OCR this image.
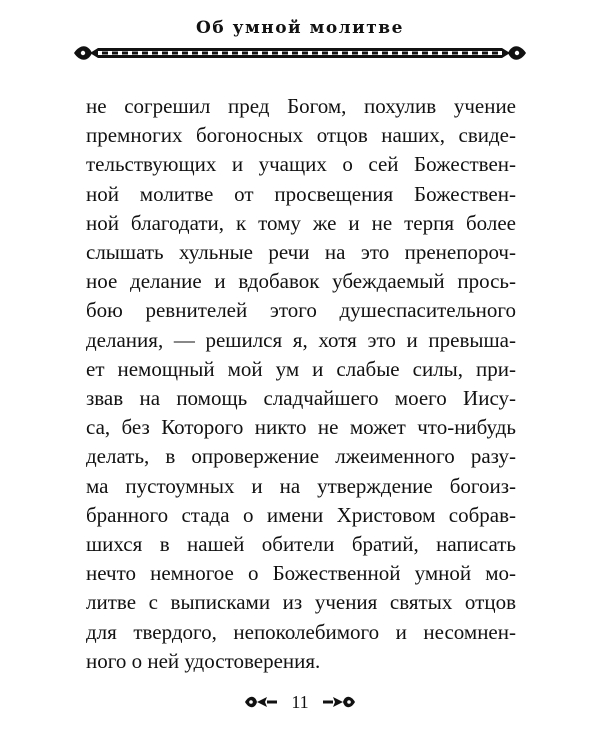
Об умной молитве
не согрешил пред Богом, похулив учение
премногих богоносных отцов наших, свиде-
тельствующих и учащих о сей Божествен-
ной молитве от просвещения Божествен-
ной благодати, к тому же и не терпя более
слышать хульные речи на это пренепороч-
ное делание и вдобавок убеждаемый прось-
бою ревнителей этого душеспасительного
делания, — решился я, хотя это и превыша-
ет немощный мой ум и слабые силы, при-
звав на помощь сладчайшего моего Иису-
са, без Которого никто не может что-нибудь
делать, в опровержение лжеименного разу-
ма пустоумных и на утверждение богоиз-
бранного стада о имени Христовом собрав-
шихся в нашей обители братий, написать
нечто немногое о Божественной умной мо-
литве с выписками из учения святых отцов
для твердого, непоколебимого и несомнен-
ного о ней удостоверения.
11
